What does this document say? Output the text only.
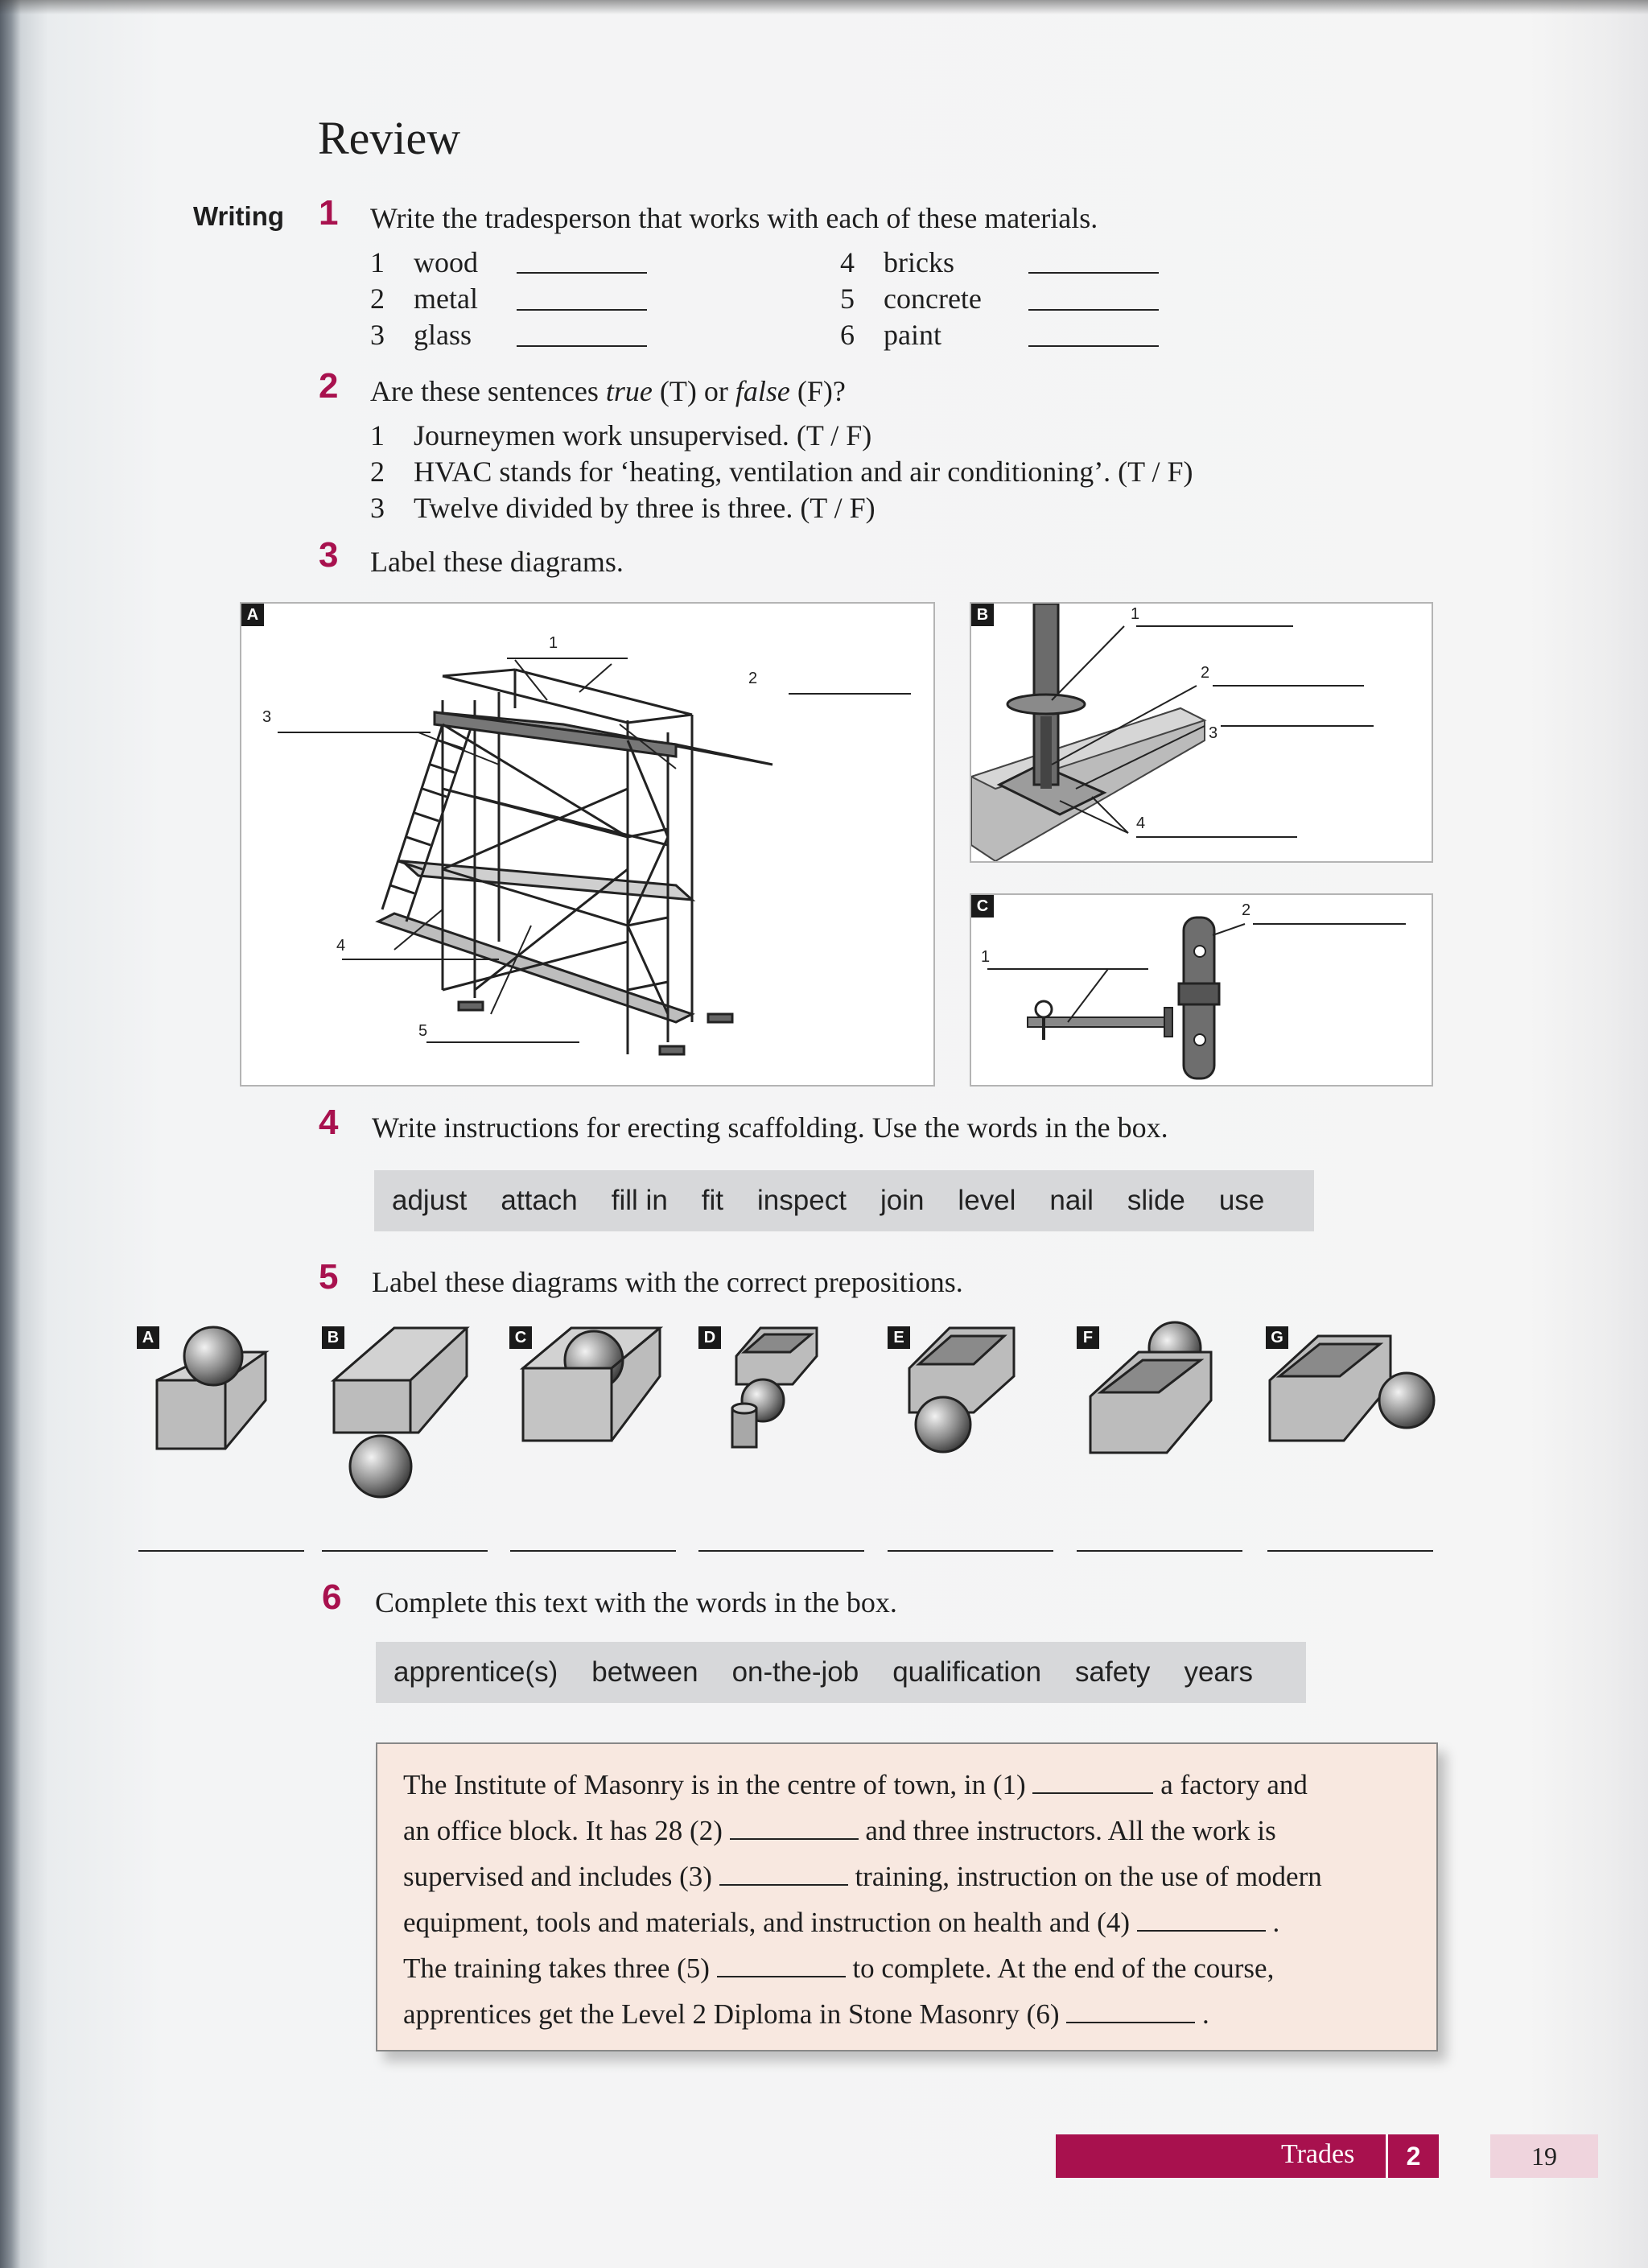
Review
Writing 1 Write the tradesperson that works with each of these materials.
1 wood
2 metal
3 glass
4 bricks
5 concrete
6 paint
2 Are these sentences true (T) or false (F)?
1 Journeymen work unsupervised. (T / F)
2 HVAC stands for ‘heating, ventilation and air conditioning’. (T / F)
3 Twelve divided by three is three. (T / F)
3 Label these diagrams.
A
1
2
3
4
5
B	1
2
3
4
C
1
2
4 Write instructions for erecting scaffolding. Use the words in the box.
adjust attach fill in fit inspect join level nail slide use
5 Label these diagrams with the correct prepositions.
A	B	C	D	E	F	G
6 Complete this text with the words in the box.
apprentice(s) between on-the-job qualification safety years
The Institute of Masonry is in the centre of town, in (1)	a factory and
an office block. It has 28 (2)	and three instructors. All the work is
supervised and includes (3)	training, instruction on the use of modern
equipment, tools and materials, and instruction on health and (4)	.
The training takes three (5)	to complete. At the end of the course,
apprentices get the Level 2 Diploma in Stone Masonry (6)	.
Trades	2	19
